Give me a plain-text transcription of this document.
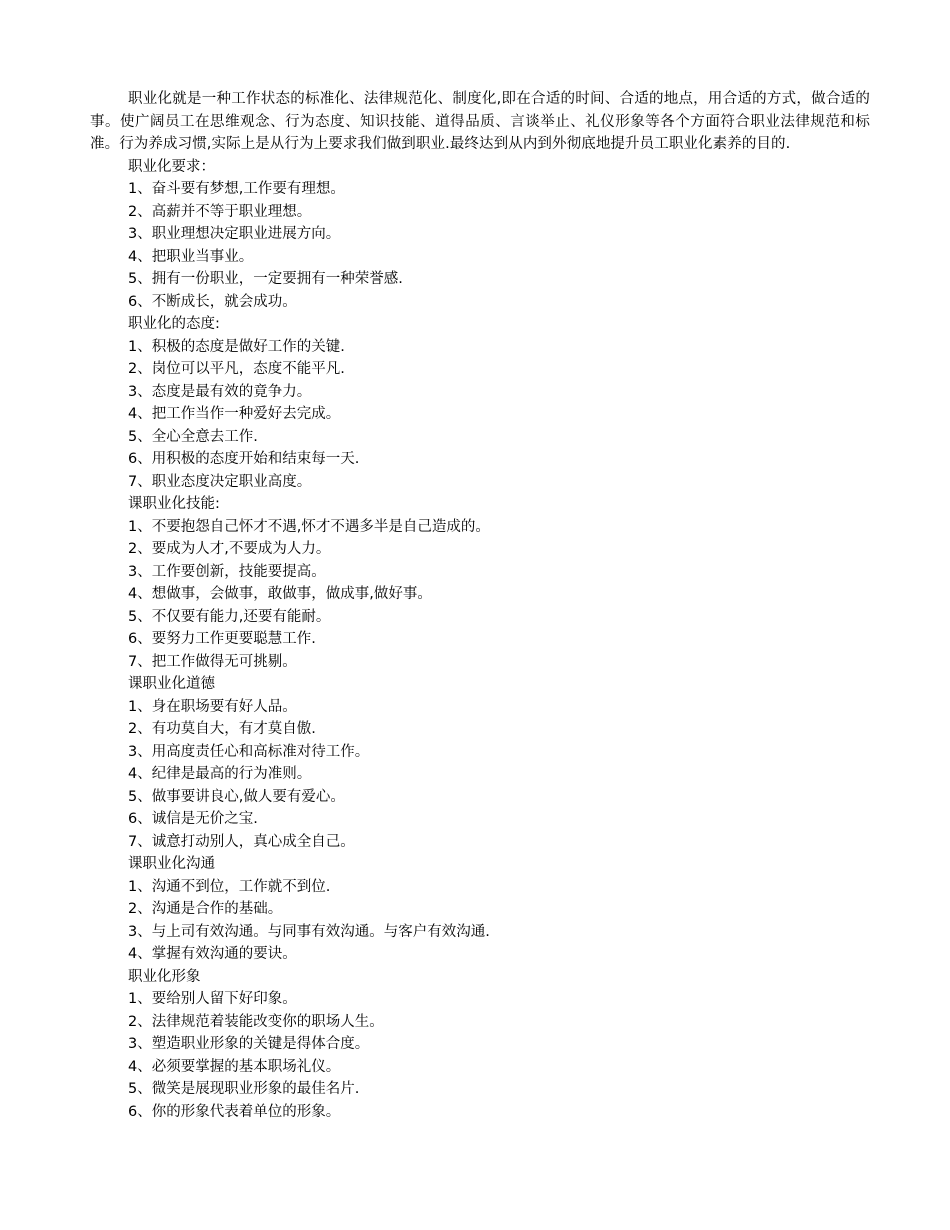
职业化就是一种工作状态的标准化、法律规范化、制度化,即在合适的时间、合适的地点，用合适的方式，做合适的事。使广阔员工在思维观念、行为态度、知识技能、道得品质、言谈举止、礼仪形象等各个方面符合职业法律规范和标准。行为养成习惯,实际上是从行为上要求我们做到职业.最终达到从内到外彻底地提升员工职业化素养的目的.

职业化要求：

1、奋斗要有梦想,工作要有理想。
2、高薪并不等于职业理想。
3、职业理想决定职业进展方向。
4、把职业当事业。
5、拥有一份职业，一定要拥有一种荣誉感.
6、不断成长，就会成功。

职业化的态度:

1、积极的态度是做好工作的关键.
2、岗位可以平凡，态度不能平凡.
3、态度是最有效的竟争力。
4、把工作当作一种爱好去完成。
5、全心全意去工作.
6、用积极的态度开始和结束每一天.
7、职业态度决定职业高度。

课职业化技能:

1、不要抱怨自己怀才不遇,怀才不遇多半是自己造成的。
2、要成为人才,不要成为人力。
3、工作要创新，技能要提高。
4、想做事，会做事，敢做事，做成事,做好事。
5、不仅要有能力,还要有能耐。
6、要努力工作更要聪慧工作.
7、把工作做得无可挑剔。

课职业化道德

1、身在职场要有好人品。
2、有功莫自大，有才莫自傲.
3、用高度责任心和高标准对待工作。
4、纪律是最高的行为准则。
5、做事要讲良心,做人要有爱心。
6、诚信是无价之宝.
7、诚意打动别人，真心成全自己。

课职业化沟通

1、沟通不到位，工作就不到位.
2、沟通是合作的基础。
3、与上司有效沟通。与同事有效沟通。与客户有效沟通.
4、掌握有效沟通的要诀。

职业化形象

1、要给别人留下好印象。
2、法律规范着装能改变你的职场人生。
3、塑造职业形象的关键是得体合度。
4、必须要掌握的基本职场礼仪。
5、微笑是展现职业形象的最佳名片.
6、你的形象代表着单位的形象。
